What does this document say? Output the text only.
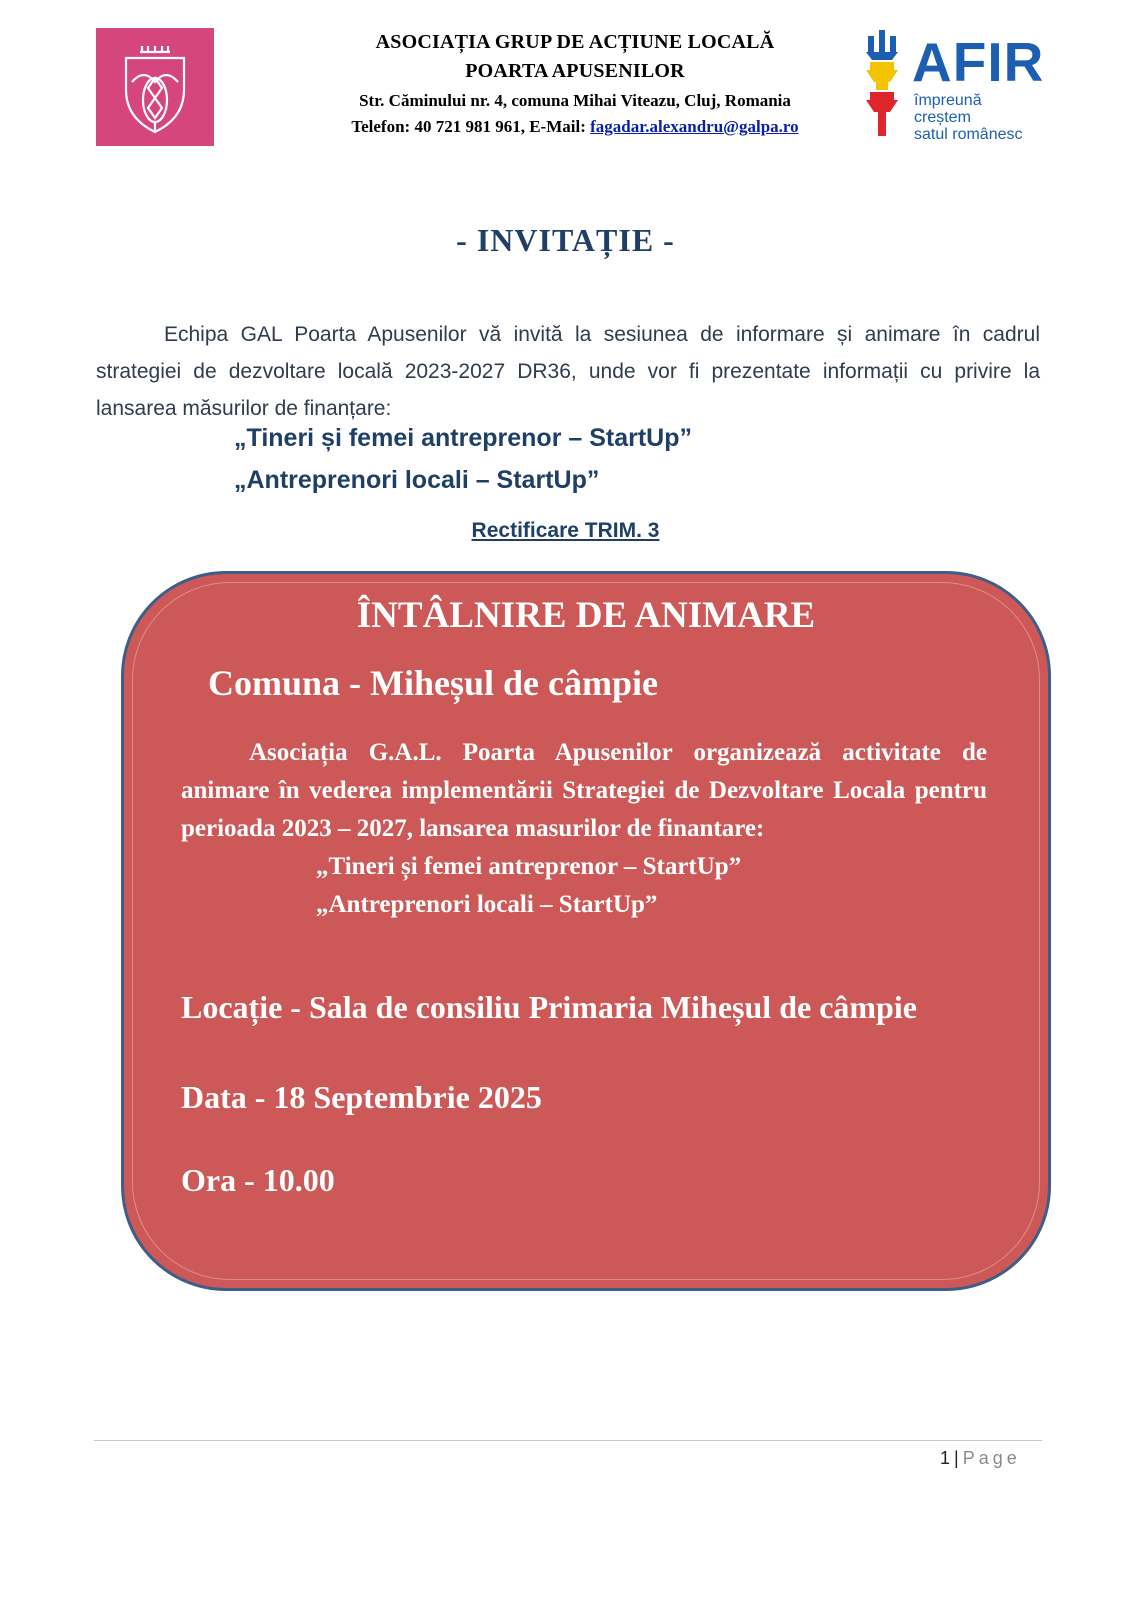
ASOCIAȚIA GRUP DE ACȚIUNE LOCALĂ
POARTA APUSENILOR
Str. Căminului nr. 4, comuna Mihai Viteazu, Cluj, Romania
Telefon: 40 721 981 961, E-Mail: fagadar.alexandru@galpa.ro
AFIR
împreună creștem
satul românesc
- INVITAȚIE -
Echipa GAL Poarta Apusenilor vă invită la sesiunea de informare și animare în cadrul strategiei de dezvoltare locală 2023-2027 DR36, unde vor fi prezentate informații cu privire la lansarea măsurilor de finanțare:
„Tineri și femei antreprenor – StartUp”
„Antreprenori locali – StartUp”
Rectificare TRIM. 3
ÎNTÂLNIRE DE ANIMARE
Comuna - Miheșul de câmpie
Asociația G.A.L. Poarta Apusenilor organizează activitate de animare în vederea implementării Strategiei de Dezvoltare Locala pentru perioada 2023 – 2027, lansarea masurilor de finantare:
„Tineri și femei antreprenor – StartUp”
„Antreprenori locali – StartUp”
Locație - Sala de consiliu Primaria Miheșul de câmpie
Data - 18 Septembrie 2025
Ora - 10.00
1 | Page
